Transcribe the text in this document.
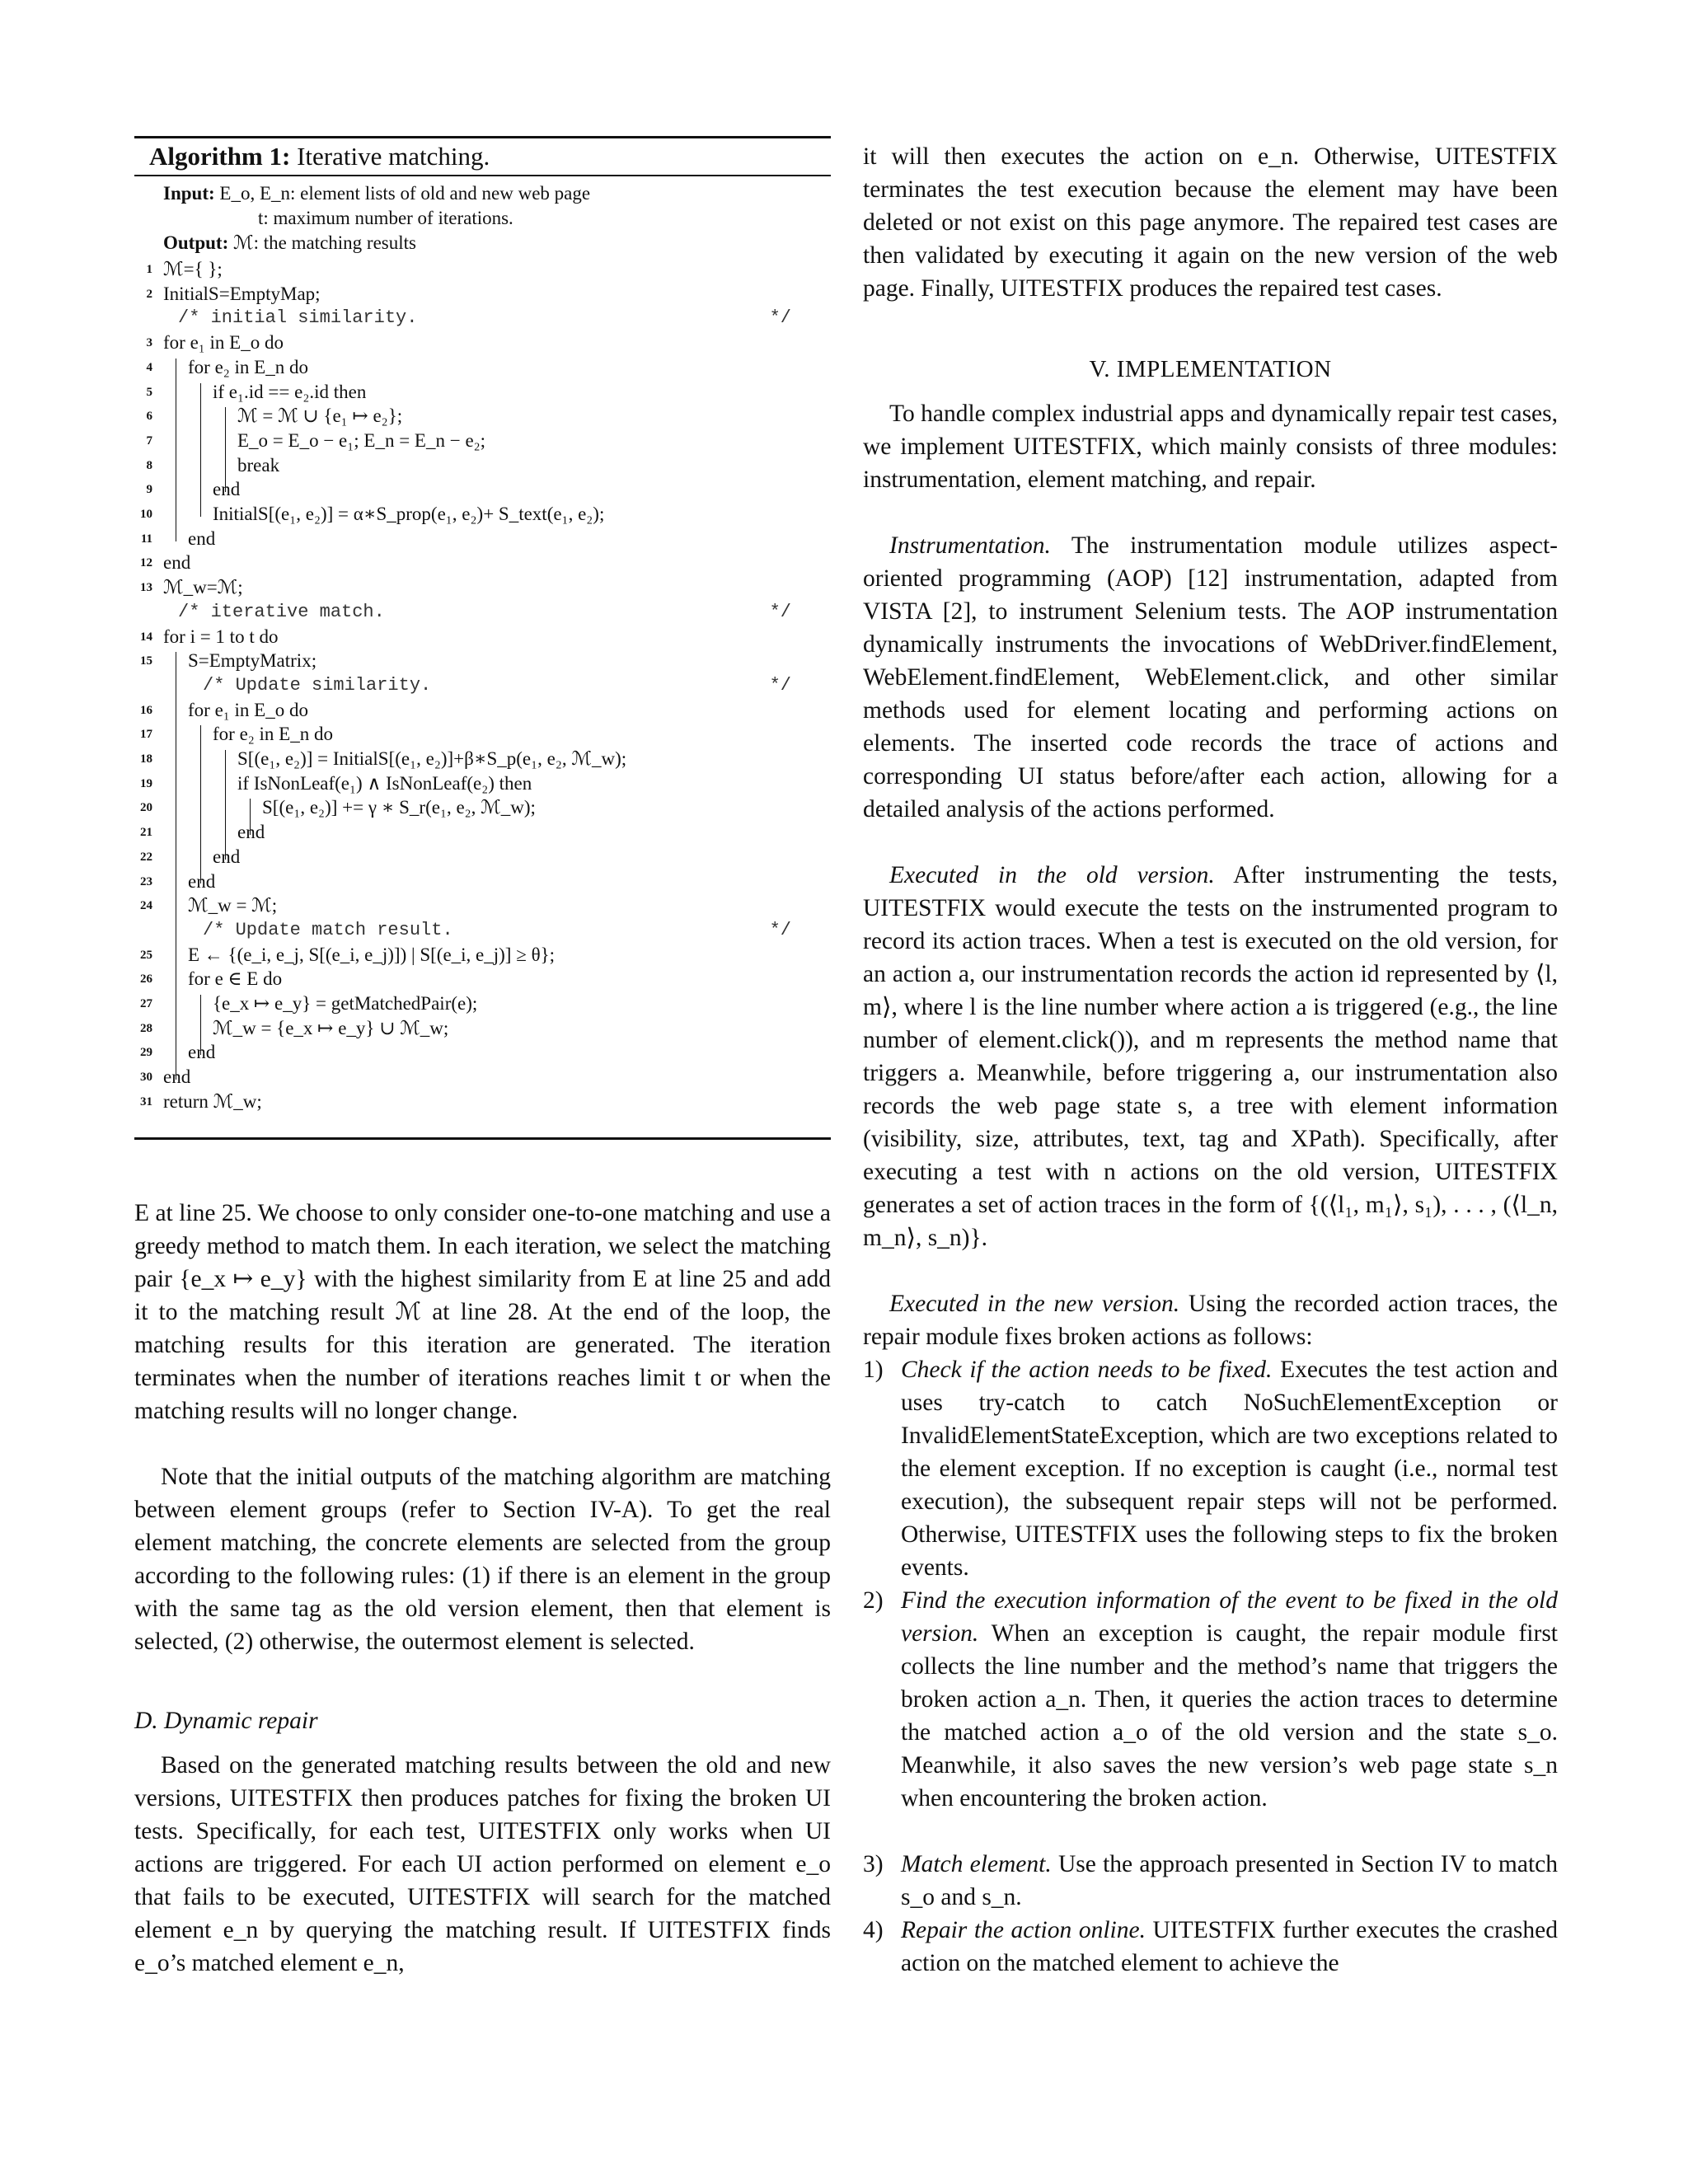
Algorithm 1: Iterative matching.
Input: E_o, E_n: element lists of old and new web page
t: maximum number of iterations.
Output: ℳ: the matching results
1 ℳ={ };
2 InitialS=EmptyMap;
/* initial similarity.	*/
3 for e₁ in E_o do
4 for e₂ in E_n do
5	if e₁.id == e₂.id then
6	ℳ = ℳ ∪ {e₁ ↦ e₂};
7	E_o = E_o − e₁; E_n = E_n − e₂;
8	break
9	end
10	InitialS[(e₁, e₂)] = α∗S_prop(e₁, e₂)+ S_text(e₁, e₂);
11 end
12 end
13 ℳ_w=ℳ;
/* iterative match.	*/
14 for i = 1 to t do
15 S=EmptyMatrix;
/* Update similarity.	*/
16 for e₁ in E_o do
17	for e₂ in E_n do
18	S[(e₁, e₂)] = InitialS[(e₁, e₂)]+β∗S_p(e₁, e₂, ℳ_w);
19	if IsNonLeaf(e₁) ∧ IsNonLeaf(e₂) then
20	S[(e₁, e₂)] += γ ∗ S_r(e₁, e₂, ℳ_w);
21	end
22	end
23 end
24 ℳ_w = ℳ;
/* Update match result.	*/
25 E ← {(e_i, e_j, S[(e_i, e_j)]) | S[(e_i, e_j)] ≥ θ};
26 for e ∈ E do
27	{e_x ↦ e_y} = getMatchedPair(e);
28	ℳ_w = {e_x ↦ e_y} ∪ ℳ_w;
29 end
30 end
31 return ℳ_w;
E at line 25. We choose to only consider one-to-one matching and use a greedy method to match them. In each iteration, we select the matching pair {e_x ↦ e_y} with the highest similarity from E at line 25 and add it to the matching result ℳ at line 28. At the end of the loop, the matching results for this iteration are generated. The iteration terminates when the number of iterations reaches limit t or when the matching results will no longer change.
Note that the initial outputs of the matching algorithm are matching between element groups (refer to Section IV-A). To get the real element matching, the concrete elements are selected from the group according to the following rules: (1) if there is an element in the group with the same tag as the old version element, then that element is selected, (2) otherwise, the outermost element is selected.
D. Dynamic repair
Based on the generated matching results between the old and new versions, UITESTFIX then produces patches for fixing the broken UI tests. Specifically, for each test, UITESTFIX only works when UI actions are triggered. For each UI action performed on element e_o that fails to be executed, UITESTFIX will search for the matched element e_n by querying the matching result. If UITESTFIX finds e_o’s matched element e_n,
it will then executes the action on e_n. Otherwise, UITESTFIX terminates the test execution because the element may have been deleted or not exist on this page anymore. The repaired test cases are then validated by executing it again on the new version of the web page. Finally, UITESTFIX produces the repaired test cases.
V. IMPLEMENTATION
To handle complex industrial apps and dynamically repair test cases, we implement UITESTFIX, which mainly consists of three modules: instrumentation, element matching, and repair.
Instrumentation. The instrumentation module utilizes aspect-oriented programming (AOP) [12] instrumentation, adapted from VISTA [2], to instrument Selenium tests. The AOP instrumentation dynamically instruments the invocations of WebDriver.findElement, WebElement.findElement, WebElement.click, and other similar methods used for element locating and performing actions on elements. The inserted code records the trace of actions and corresponding UI status before/after each action, allowing for a detailed analysis of the actions performed.
Executed in the old version. After instrumenting the tests, UITESTFIX would execute the tests on the instrumented program to record its action traces. When a test is executed on the old version, for an action a, our instrumentation records the action id represented by ⟨l, m⟩, where l is the line number where action a is triggered (e.g., the line number of element.click()), and m represents the method name that triggers a. Meanwhile, before triggering a, our instrumentation also records the web page state s, a tree with element information (visibility, size, attributes, text, tag and XPath). Specifically, after executing a test with n actions on the old version, UITESTFIX generates a set of action traces in the form of {(⟨l₁, m₁⟩, s₁), . . . , (⟨l_n, m_n⟩, s_n)}.
Executed in the new version. Using the recorded action traces, the repair module fixes broken actions as follows:
1) Check if the action needs to be fixed. Executes the test action and uses try-catch to catch NoSuchElementException or InvalidElementStateException, which are two exceptions related to the element exception. If no exception is caught (i.e., normal test execution), the subsequent repair steps will not be performed. Otherwise, UITESTFIX uses the following steps to fix the broken events.
2) Find the execution information of the event to be fixed in the old version. When an exception is caught, the repair module first collects the line number and the method’s name that triggers the broken action a_n. Then, it queries the action traces to determine the matched action a_o of the old version and the state s_o. Meanwhile, it also saves the new version’s web page state s_n when encountering the broken action.
3) Match element. Use the approach presented in Section IV to match s_o and s_n.
4) Repair the action online. UITESTFIX further executes the crashed action on the matched element to achieve the
